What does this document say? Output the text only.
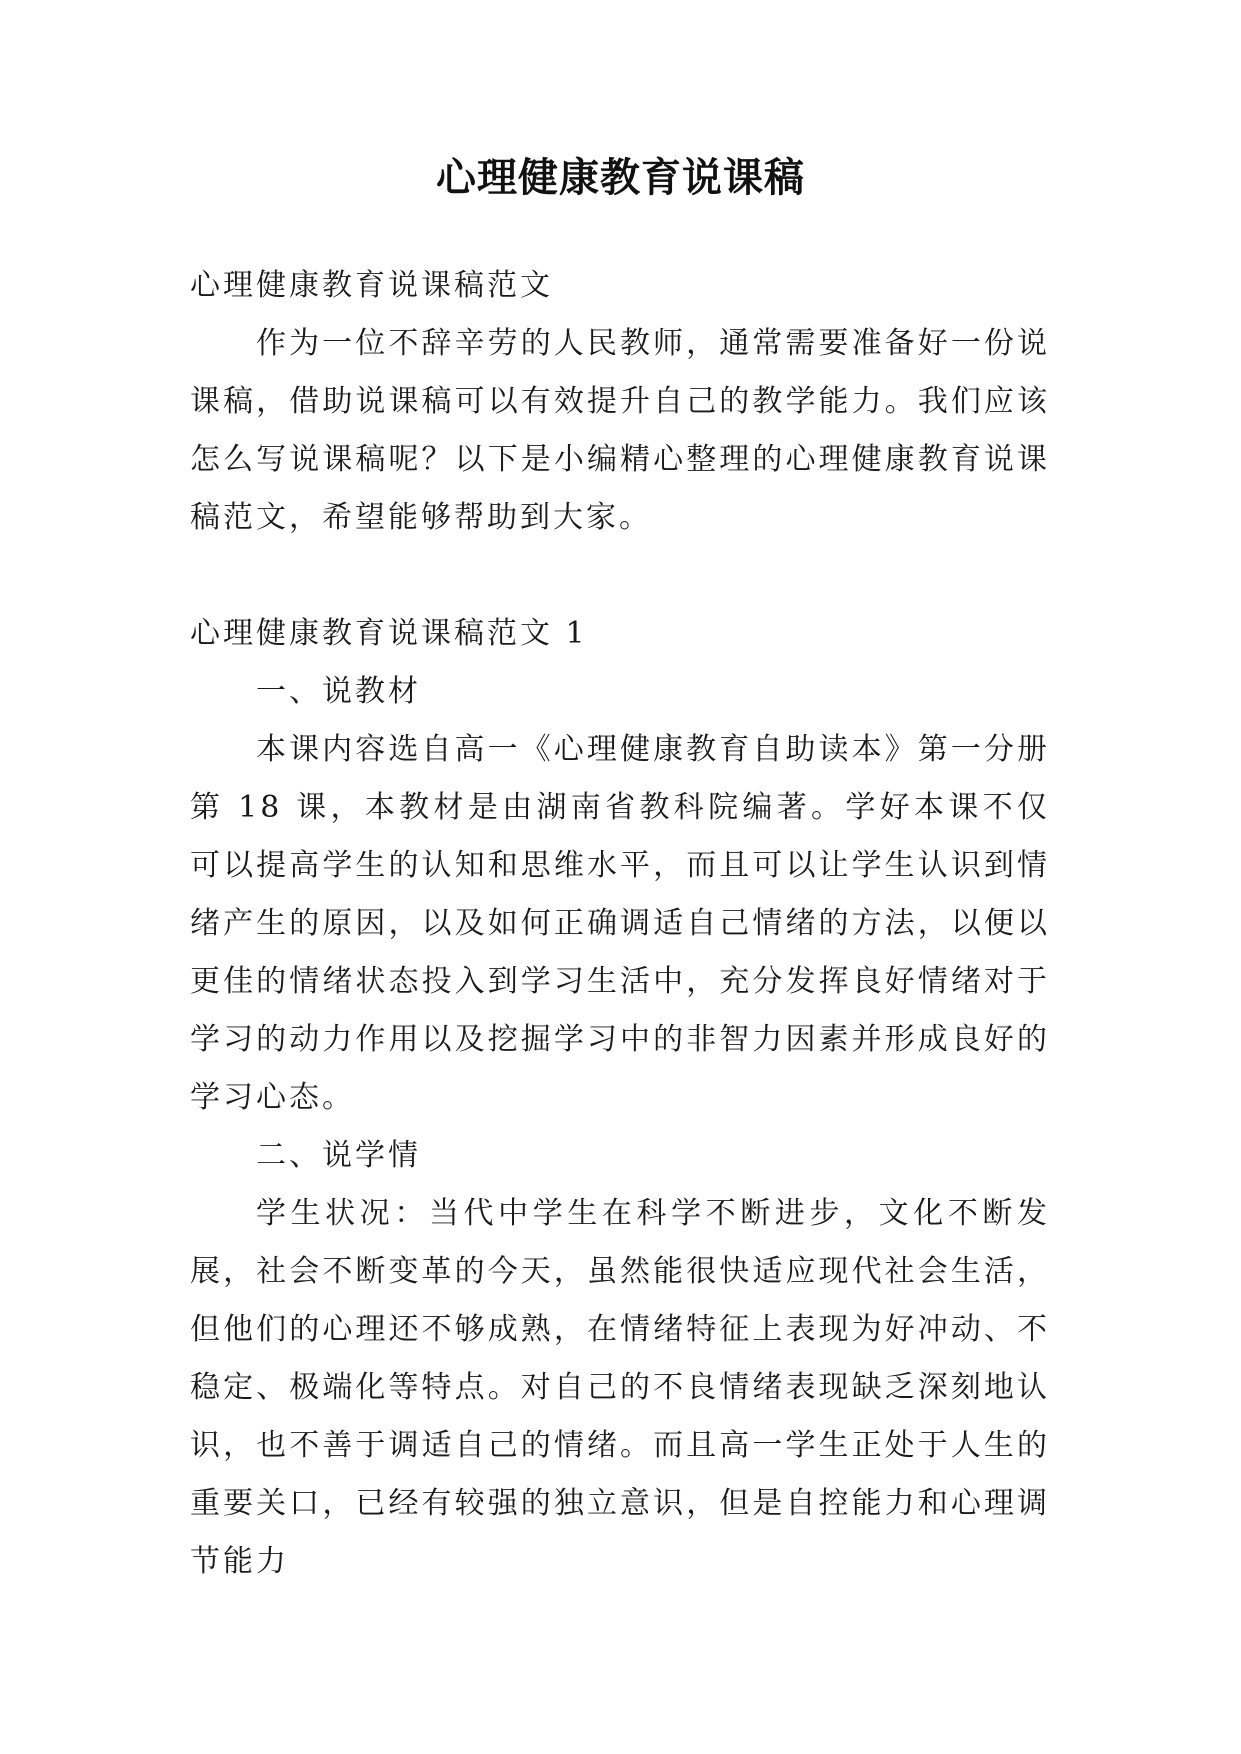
心理健康教育说课稿

心理健康教育说课稿范文

作为一位不辞辛劳的人民教师，通常需要准备好一份说课稿，借助说课稿可以有效提升自己的教学能力。我们应该怎么写说课稿呢？以下是小编精心整理的心理健康教育说课稿范文，希望能够帮助到大家。

心理健康教育说课稿范文 1

一、说教材

本课内容选自高一《心理健康教育自助读本》第一分册第 18 课，本教材是由湖南省教科院编著。学好本课不仅可以提高学生的认知和思维水平，而且可以让学生认识到情绪产生的原因，以及如何正确调适自己情绪的方法，以便以更佳的情绪状态投入到学习生活中，充分发挥良好情绪对于学习的动力作用以及挖掘学习中的非智力因素并形成良好的学习心态。

二、说学情

学生状况：当代中学生在科学不断进步，文化不断发展，社会不断变革的今天，虽然能很快适应现代社会生活，但他们的心理还不够成熟，在情绪特征上表现为好冲动、不稳定、极端化等特点。对自己的不良情绪表现缺乏深刻地认识，也不善于调适自己的情绪。而且高一学生正处于人生的重要关口，已经有较强的独立意识，但是自控能力和心理调节能力
